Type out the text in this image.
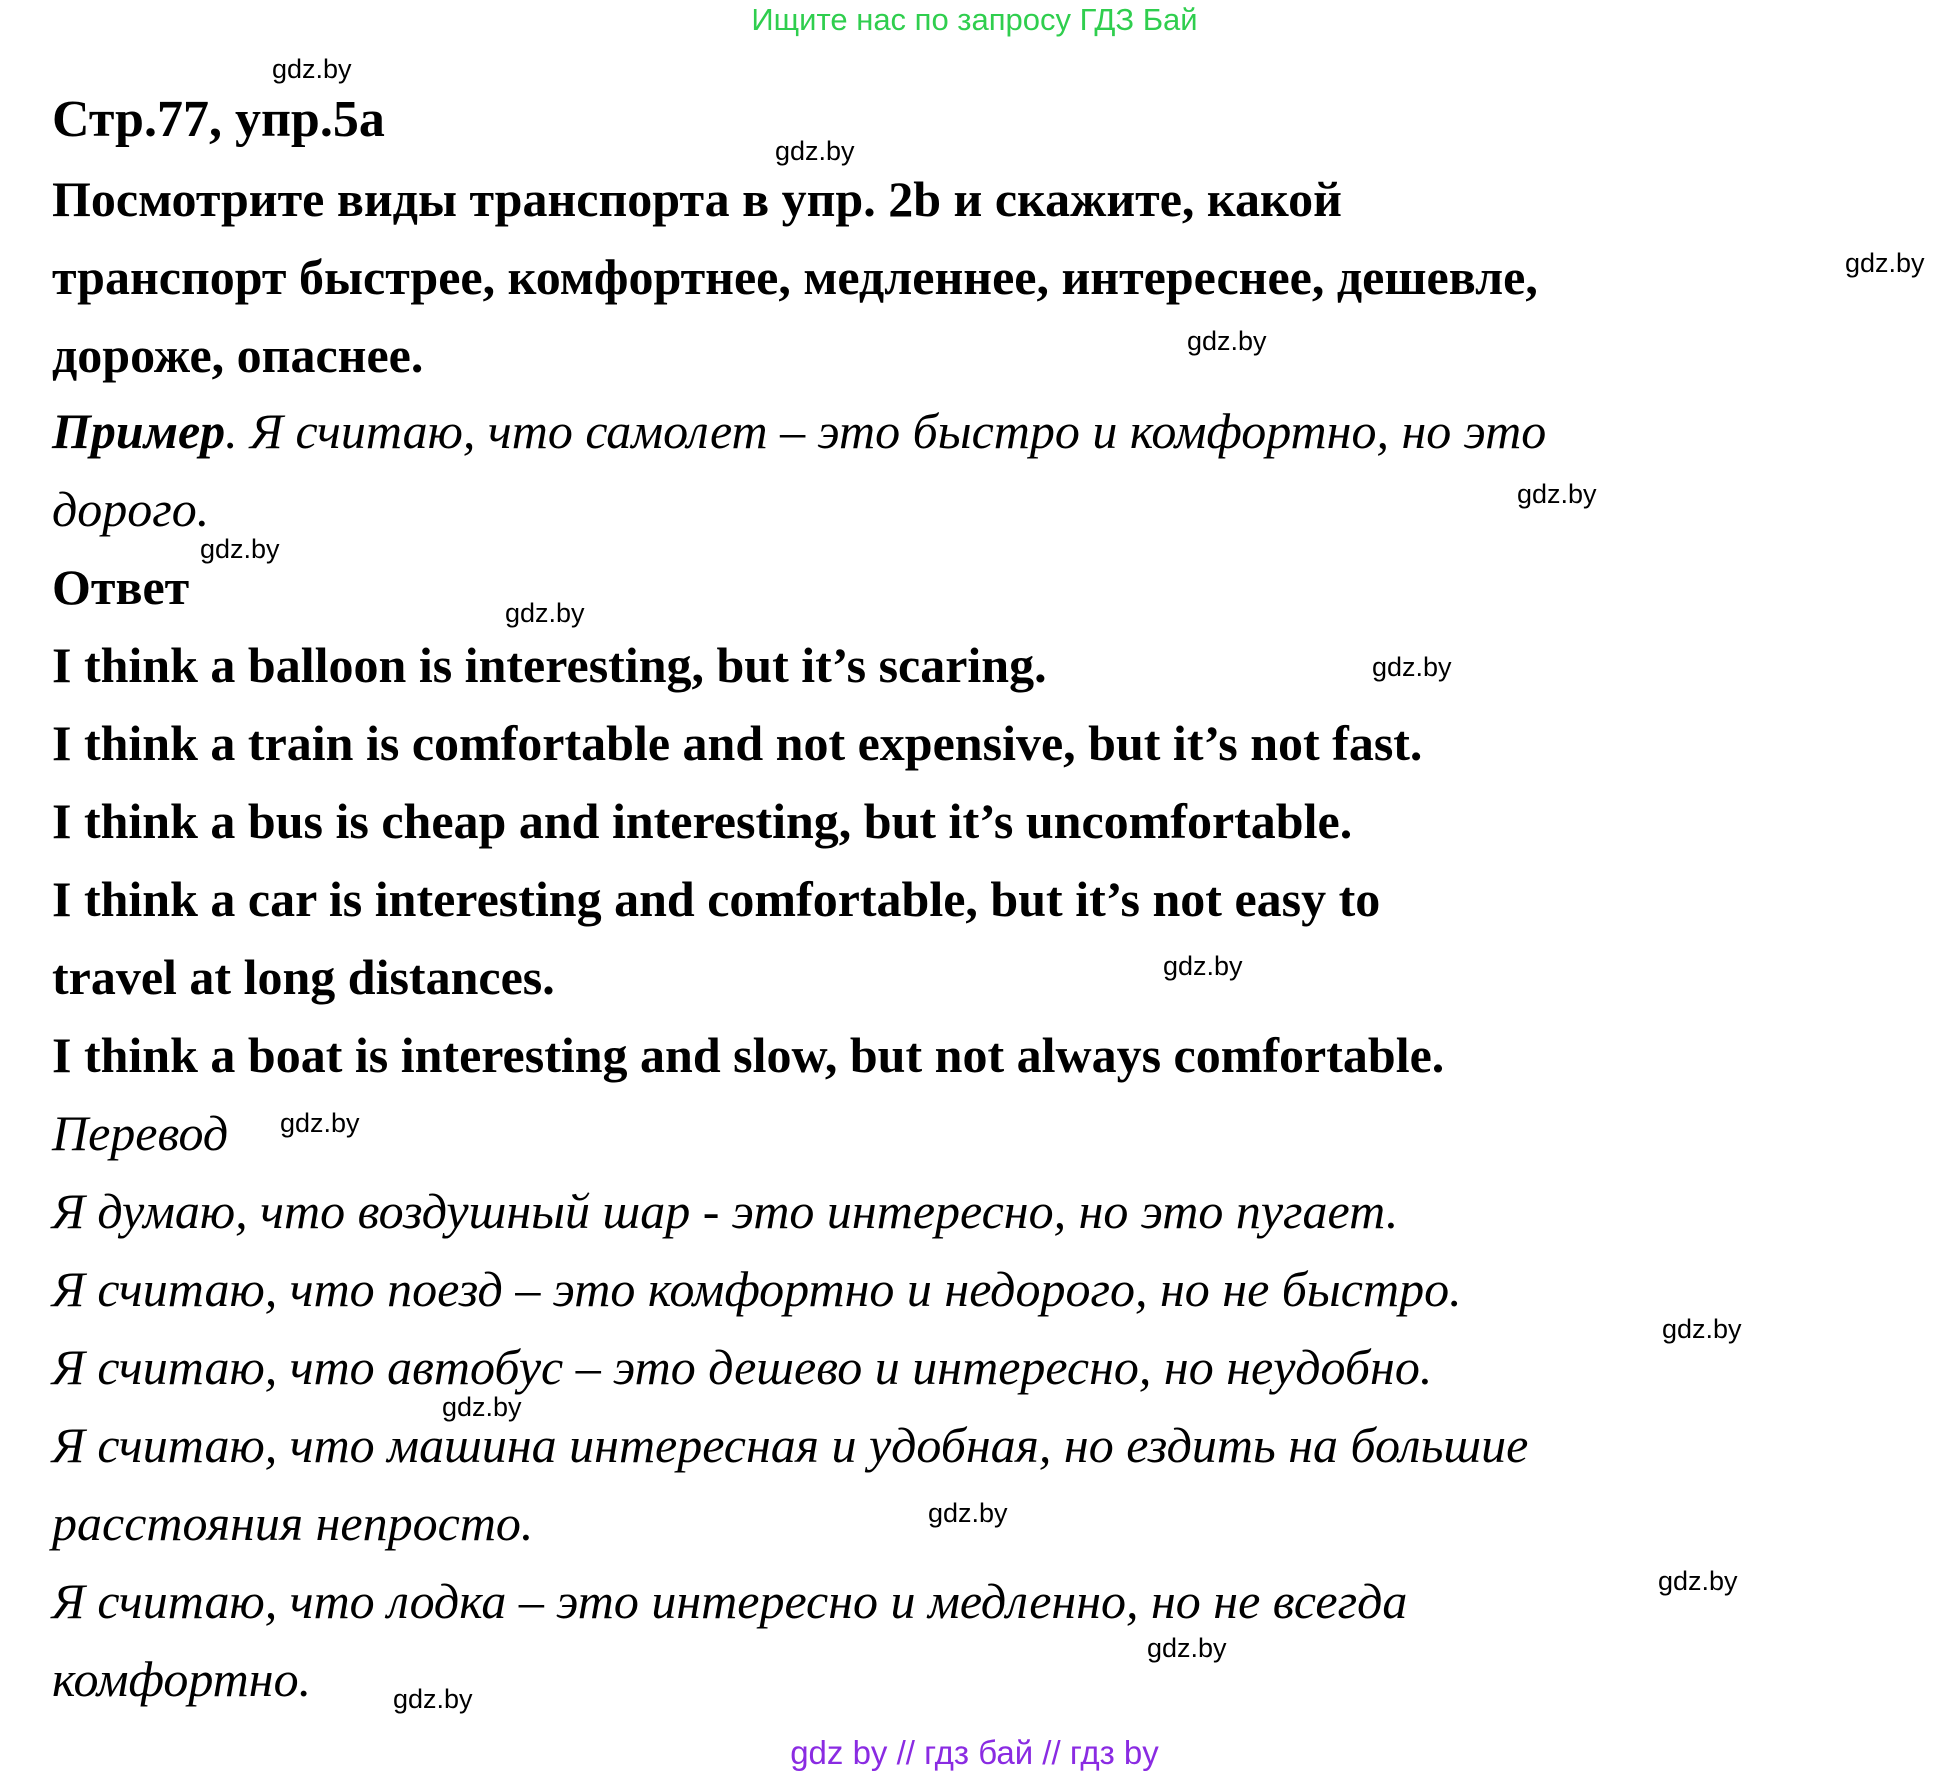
Ищите нас по запросу ГДЗ Бай
Стр.77, упр.5а
Посмотрите виды транспорта в упр. 2b и скажите, какой
транспорт быстрее, комфортнее, медленнее, интереснее, дешевле,
дороже, опаснее.
Пример. Я считаю, что самолет – это быстро и комфортно, но это
дорого.
Ответ
I think a balloon is interesting, but it’s scaring.
I think a train is comfortable and not expensive, but it’s not fast.
I think a bus is cheap and interesting, but it’s uncomfortable.
I think a car is interesting and comfortable, but it’s not easy to
travel at long distances.
I think a boat is interesting and slow, but not always comfortable.
Перевод
Я думаю, что воздушный шар - это интересно, но это пугает.
Я считаю, что поезд – это комфортно и недорого, но не быстро.
Я считаю, что автобус – это дешево и интересно, но неудобно.
Я считаю, что машина интересная и удобная, но ездить на большие
расстояния непросто.
Я считаю, что лодка – это интересно и медленно, но не всегда
комфортно.
gdz.by
gdz.by
gdz.by
gdz.by
gdz.by
gdz.by
gdz.by
gdz.by
gdz.by
gdz.by
gdz.by
gdz.by
gdz.by
gdz.by
gdz.by
gdz.by
gdz by // гдз бай // гдз by
